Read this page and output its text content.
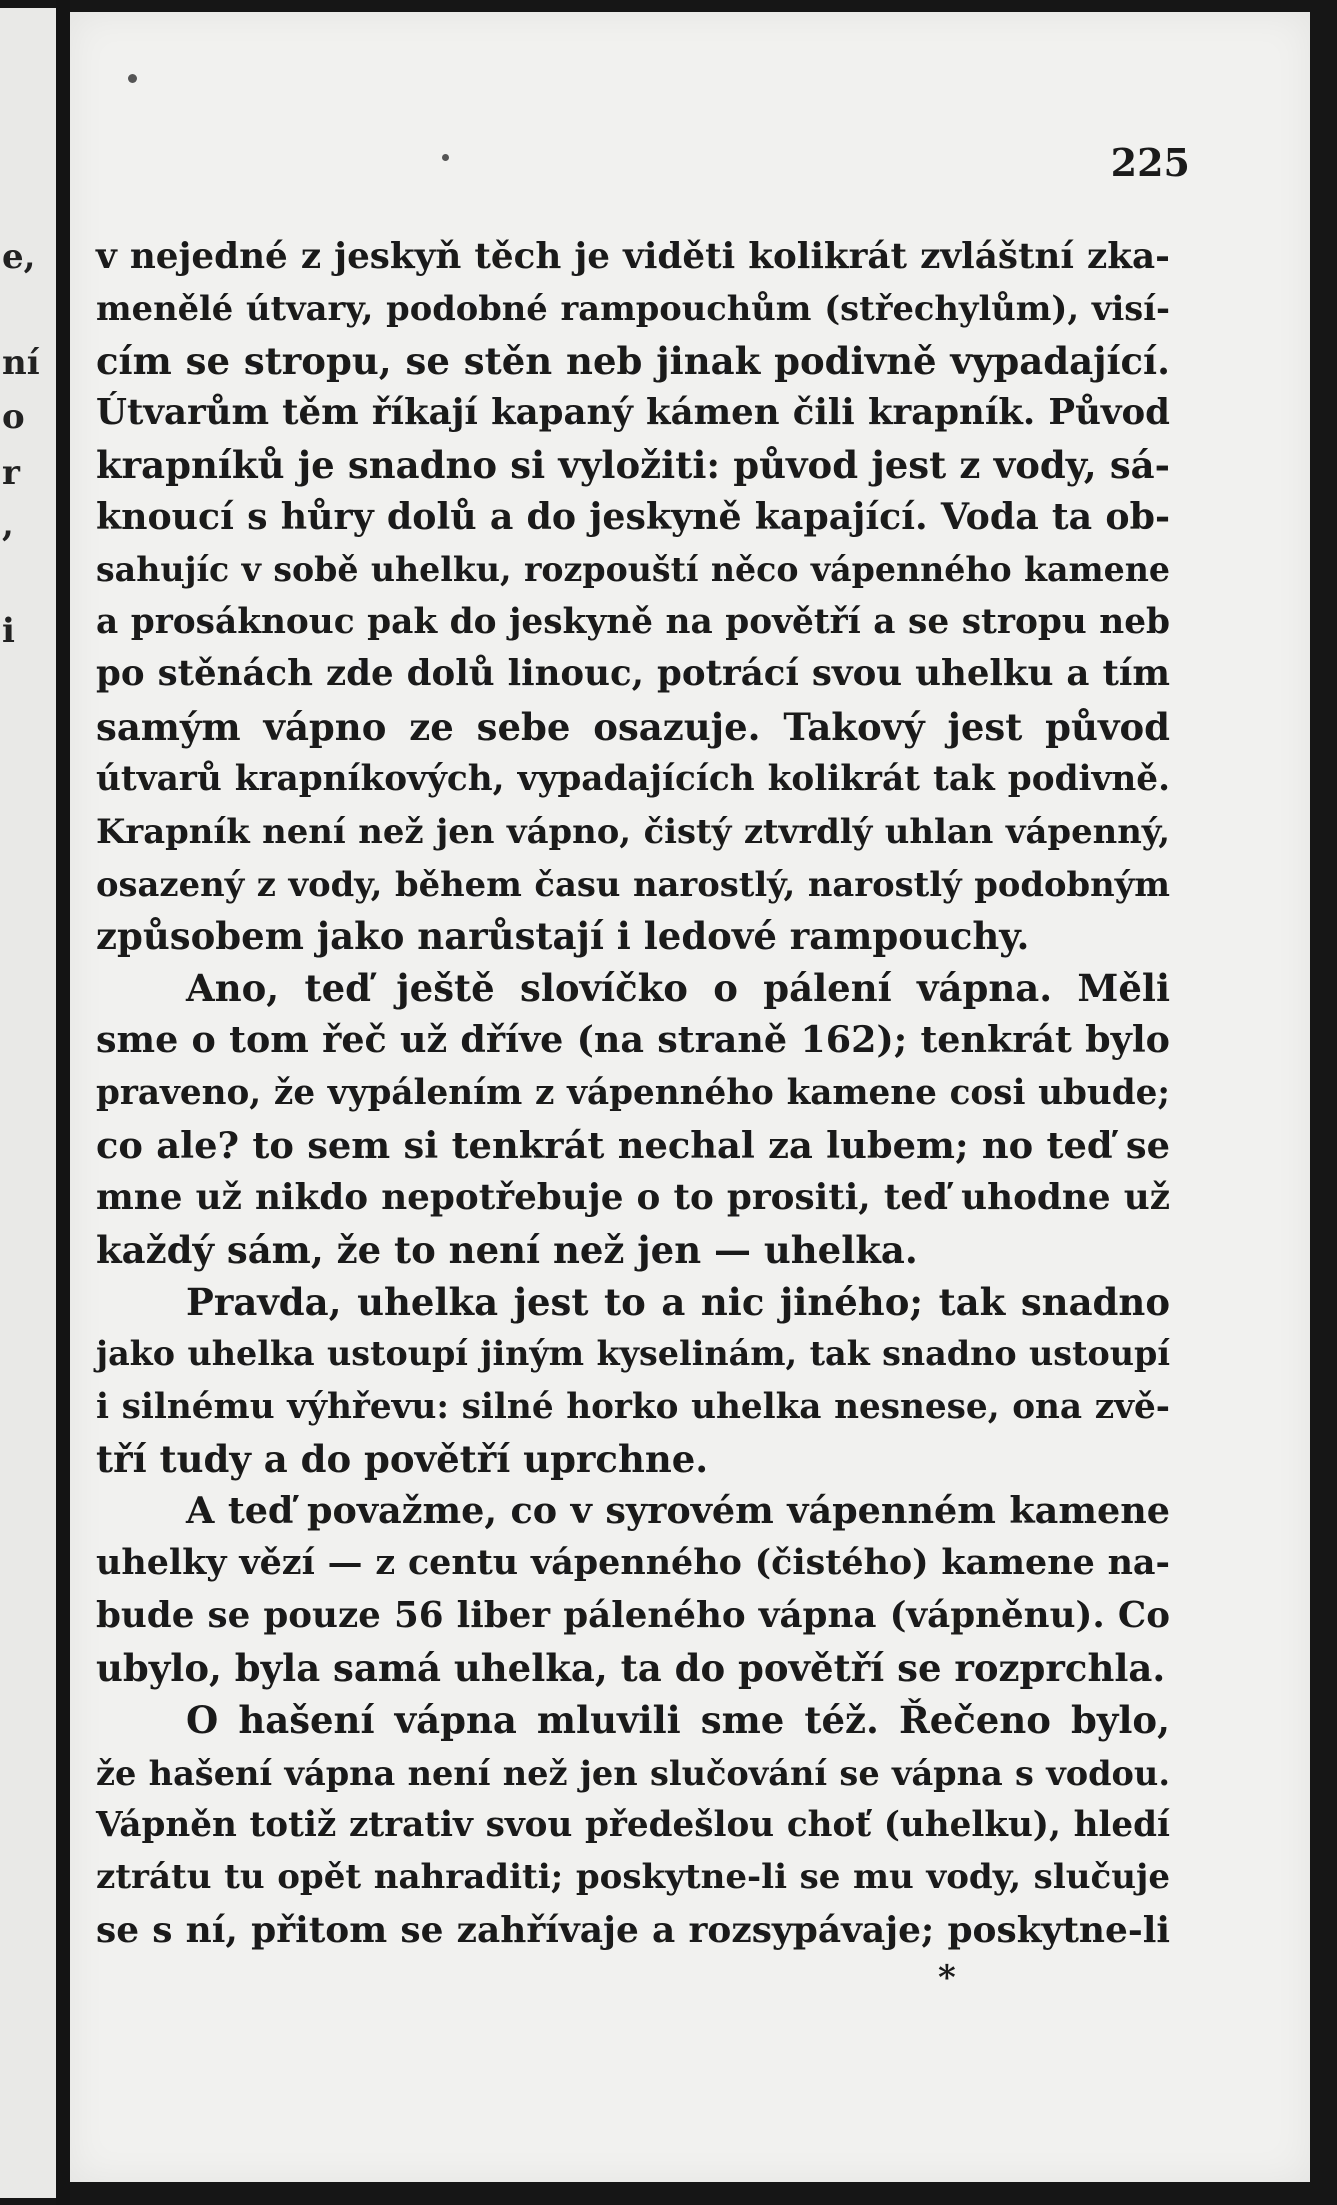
e,
ní
o
r
,
i
225
v nejedné z jeskyň těch je viděti kolikrát zvláštní zka-
menělé útvary, podobné rampouchům (střechylům), visí-
cím se stropu, se stěn neb jinak podivně vypadající.
Útvarům těm říkají kapaný kámen čili krapník. Původ
krapníků je snadno si vyložiti: původ jest z vody, sá-
knoucí s hůry dolů a do jeskyně kapající. Voda ta ob-
sahujíc v sobě uhelku, rozpouští něco vápenného kamene
a prosáknouc pak do jeskyně na povětří a se stropu neb
po stěnách zde dolů linouc, potrácí svou uhelku a tím
samým vápno ze sebe osazuje. Takový jest původ
útvarů krapníkových, vypadajících kolikrát tak podivně.
Krapník není než jen vápno, čistý ztvrdlý uhlan vápenný,
osazený z vody, během času narostlý, narostlý podobným
způsobem jako narůstají i ledové rampouchy.
Ano, teď ještě slovíčko o pálení vápna. Měli
sme o tom řeč už dříve (na straně 162); tenkrát bylo
praveno, že vypálením z vápenného kamene cosi ubude;
co ale? to sem si tenkrát nechal za lubem; no teď se
mne už nikdo nepotřebuje o to prositi, teď uhodne už
každý sám, že to není než jen — uhelka.
Pravda, uhelka jest to a nic jiného; tak snadno
jako uhelka ustoupí jiným kyselinám, tak snadno ustoupí
i silnému výhřevu: silné horko uhelka nesnese, ona zvě-
tří tudy a do povětří uprchne.
A teď považme, co v syrovém vápenném kamene
uhelky vězí — z centu vápenného (čistého) kamene na-
bude se pouze 56 liber páleného vápna (vápněnu). Co
ubylo, byla samá uhelka, ta do povětří se rozprchla.
O hašení vápna mluvili sme též. Řečeno bylo,
že hašení vápna není než jen slučování se vápna s vodou.
Vápněn totiž ztrativ svou předešlou choť (uhelku), hledí
ztrátu tu opět nahraditi; poskytne-li se mu vody, slučuje
se s ní, přitom se zahřívaje a rozsypávaje; poskytne-li
*
